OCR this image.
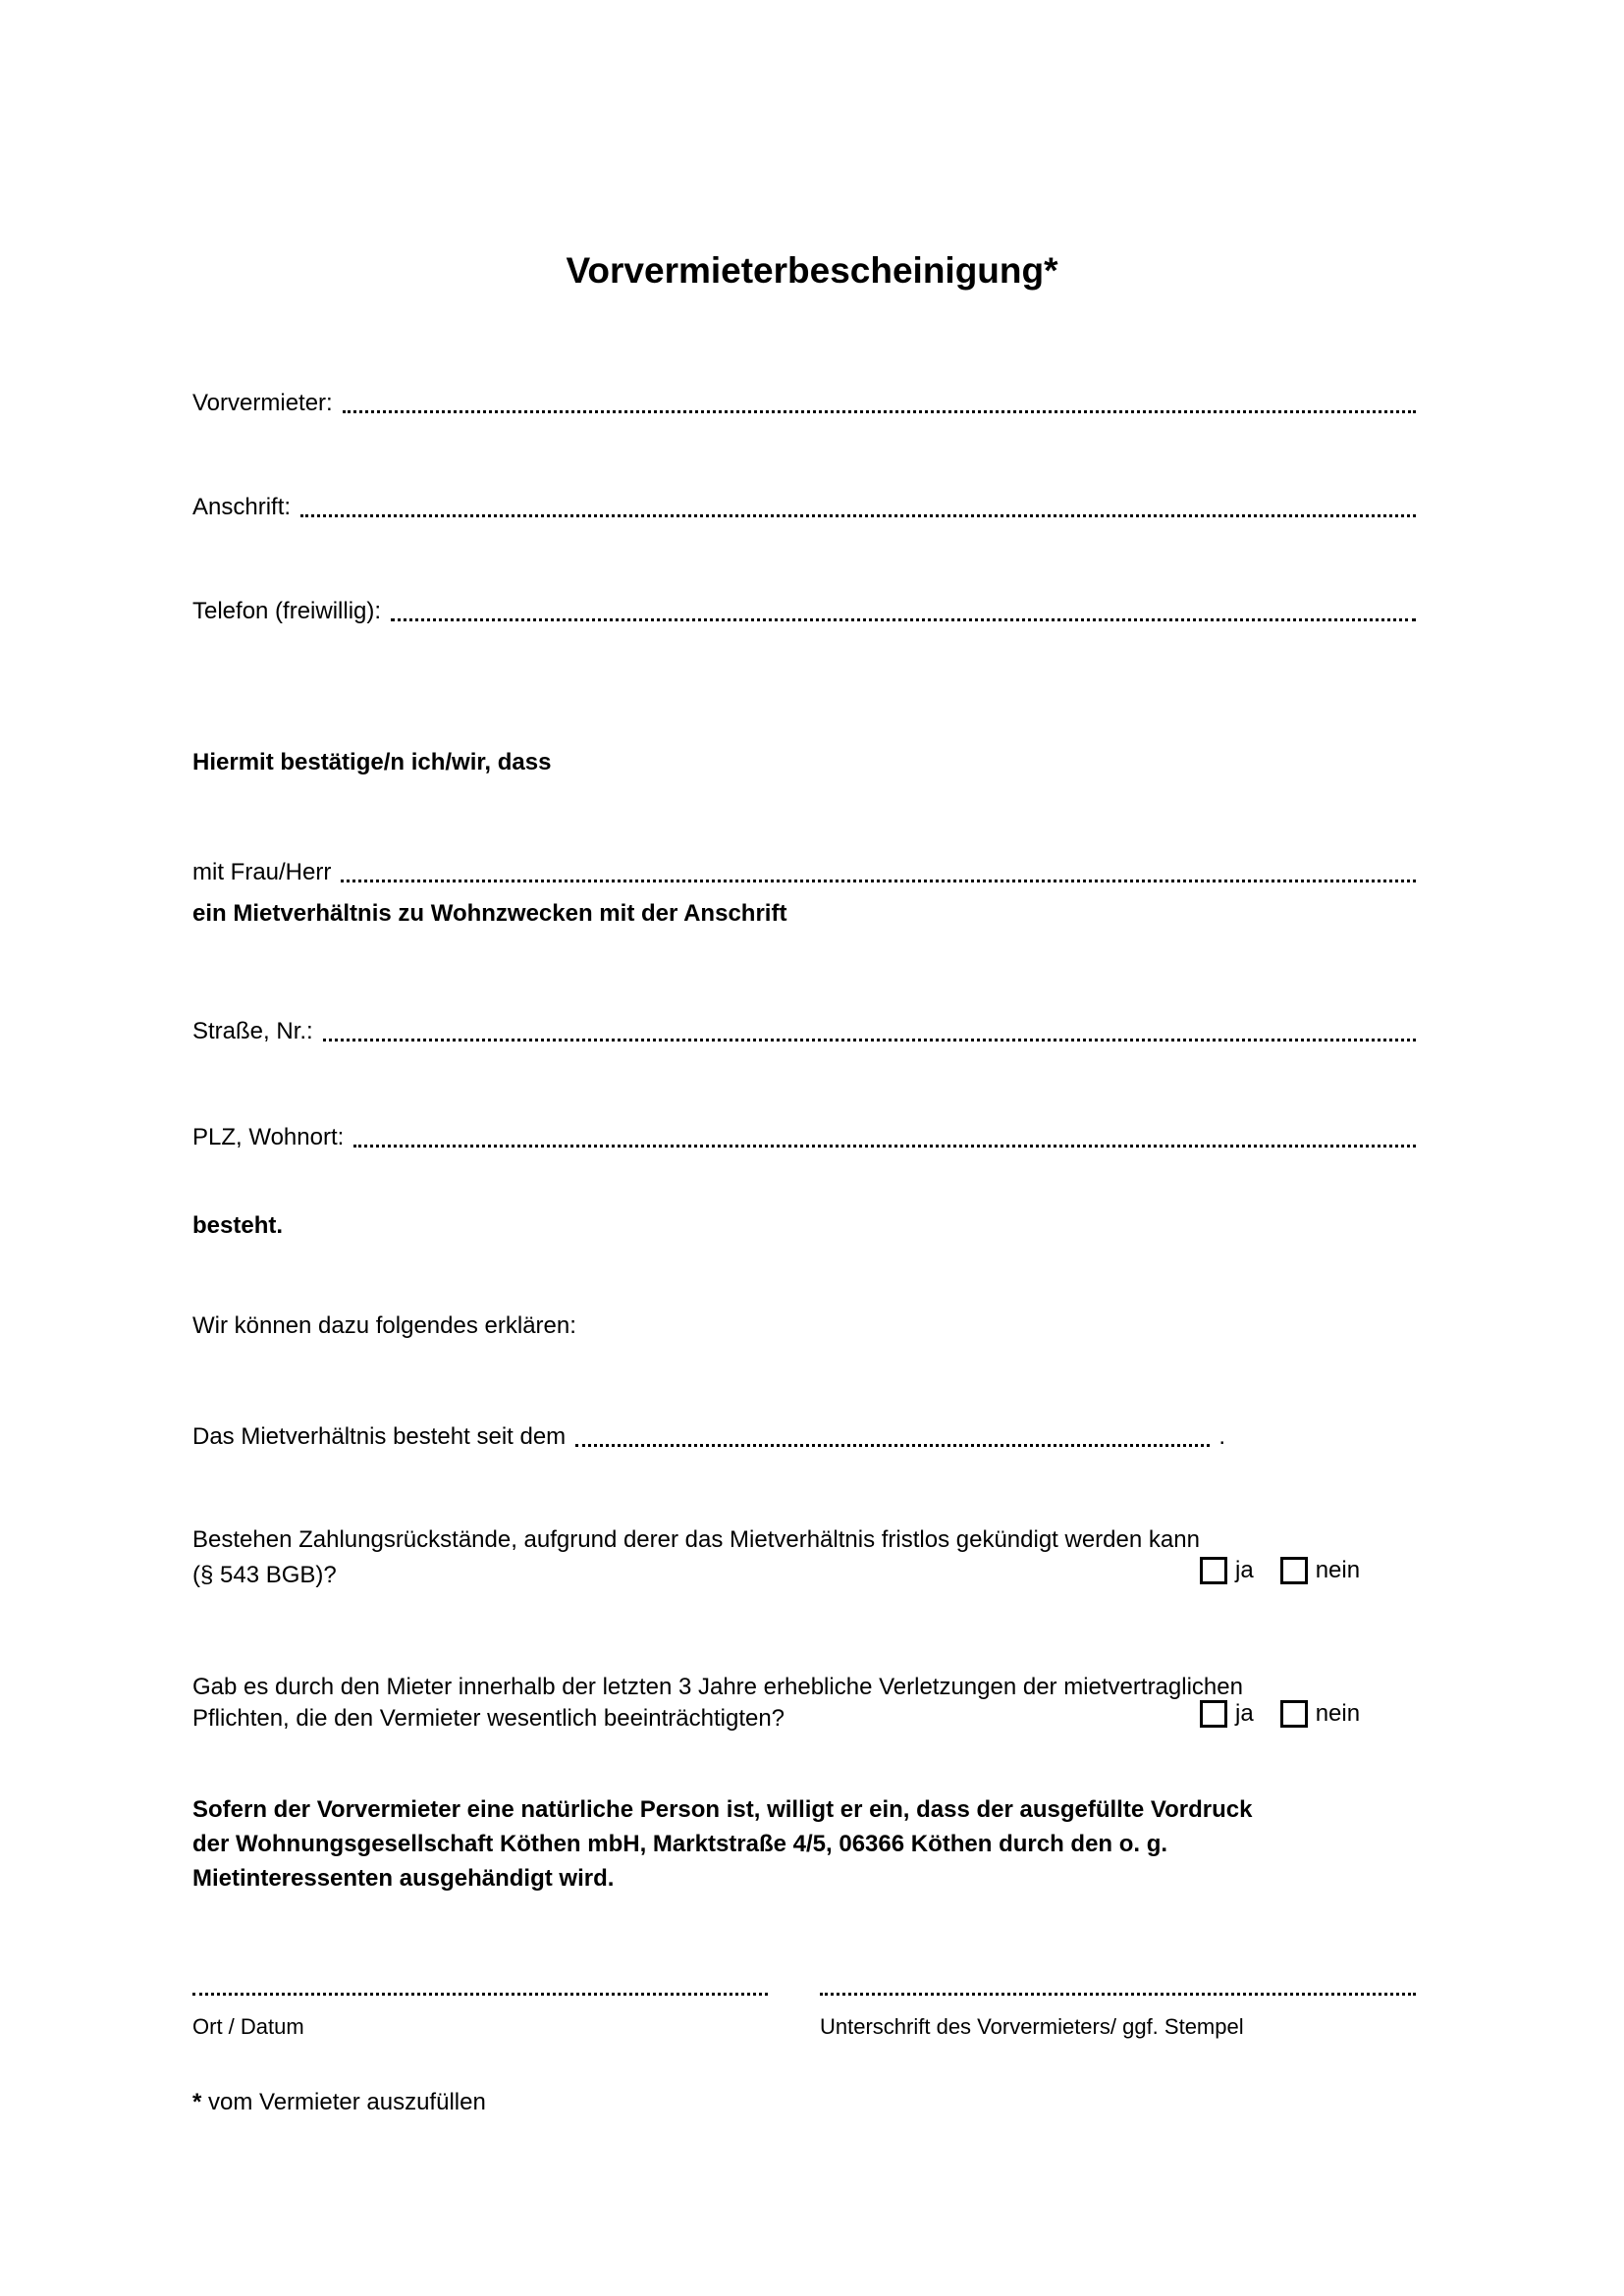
Vorvermieterbescheinigung*
Vorvermieter:
Anschrift:
Telefon (freiwillig):
Hiermit bestätige/n ich/wir, dass
mit Frau/Herr
ein Mietverhältnis zu Wohnzwecken mit der Anschrift
Straße, Nr.:
PLZ, Wohnort:
besteht.
Wir können dazu folgendes erklären:
Das Mietverhältnis besteht seit dem	.
Bestehen Zahlungsrückstände, aufgrund derer das Mietverhältnis fristlos gekündigt werden kann
(§ 543 BGB)?	ja	nein
Gab es durch den Mieter innerhalb der letzten 3 Jahre erhebliche Verletzungen der mietvertraglichen
Pflichten, die den Vermieter wesentlich beeinträchtigten?	ja	nein
Sofern der Vorvermieter eine natürliche Person ist, willigt er ein, dass der ausgefüllte Vordruck
der Wohnungsgesellschaft Köthen mbH, Marktstraße 4/5, 06366 Köthen durch den o. g.
Mietinteressenten ausgehändigt wird.
Ort / Datum	Unterschrift des Vorvermieters/ ggf. Stempel
* vom Vermieter auszufüllen
